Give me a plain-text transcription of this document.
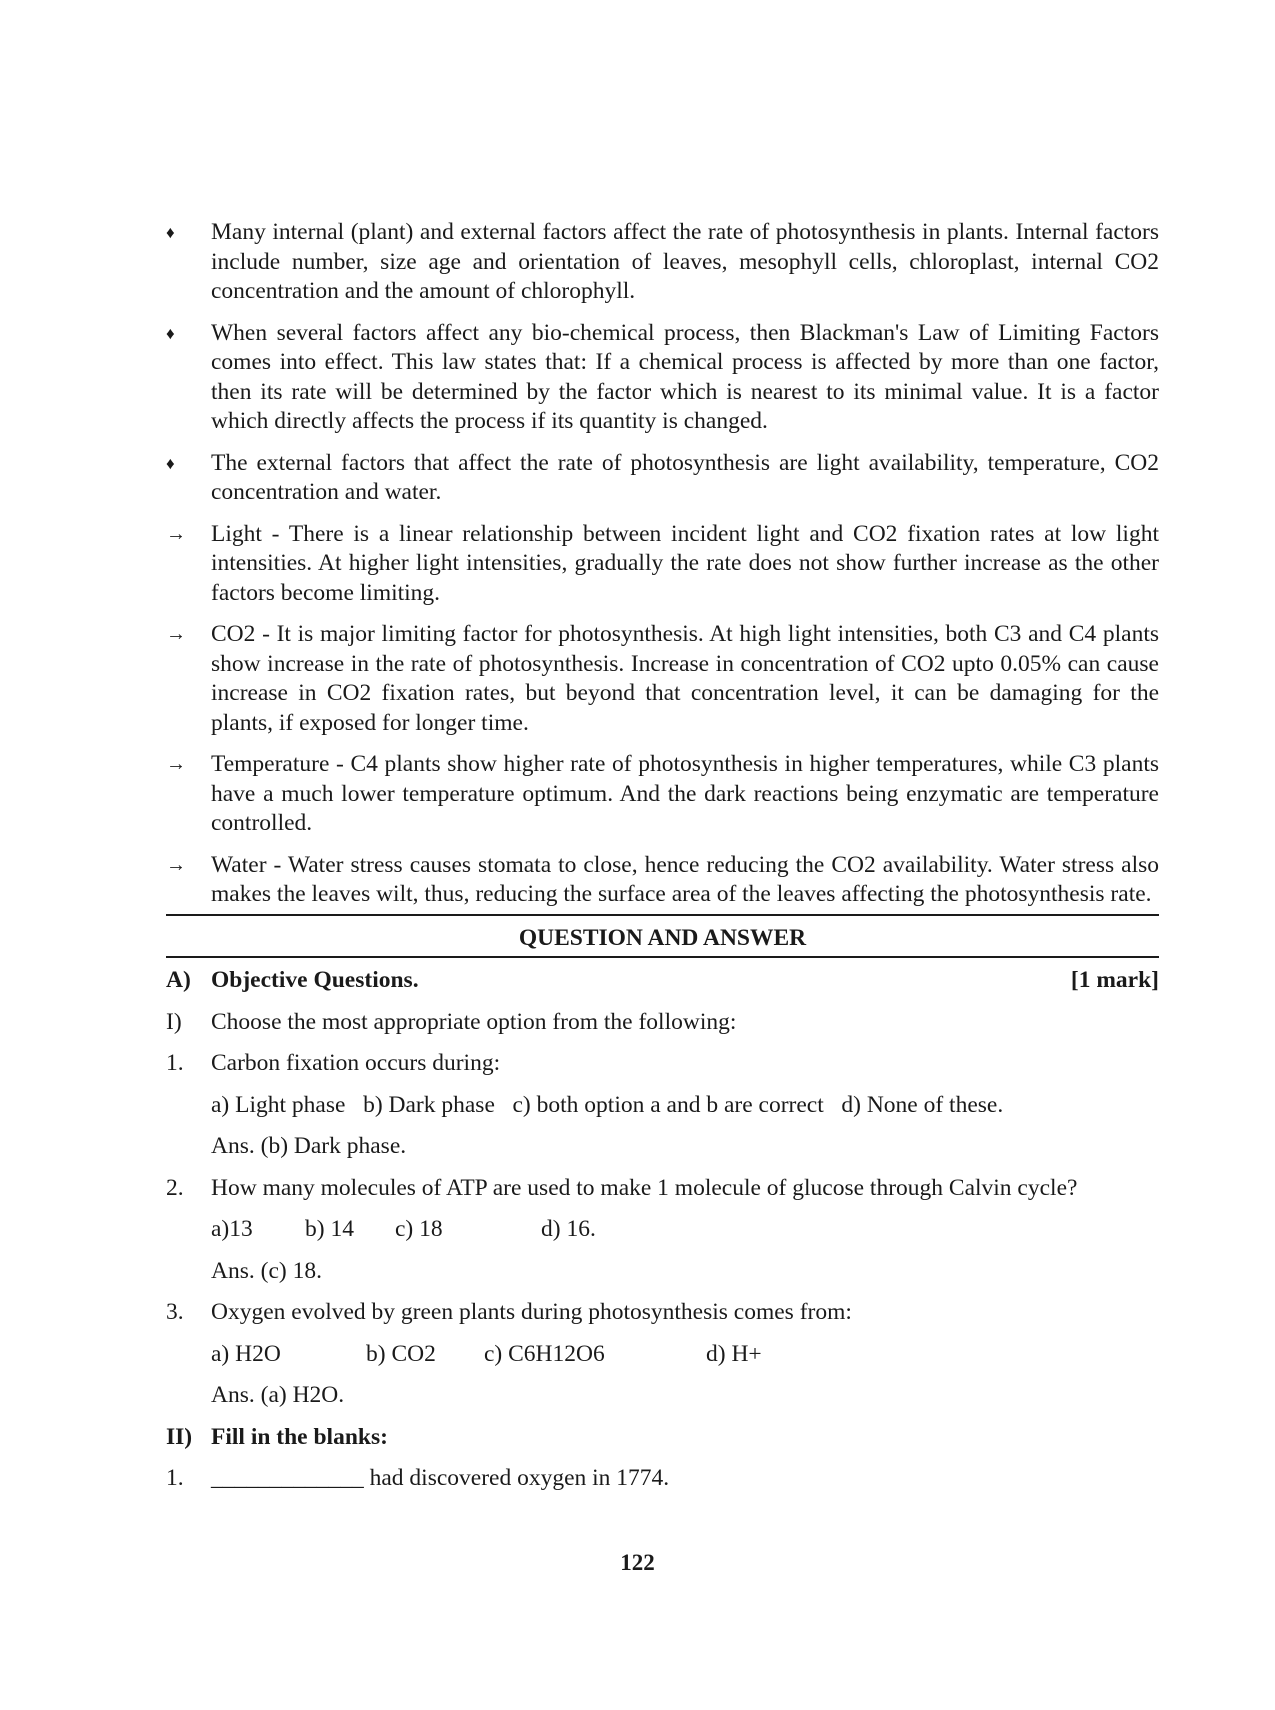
♦	Many internal (plant) and external factors affect the rate of photosynthesis in plants. Internal factors include number, size age and orientation of leaves, mesophyll cells, chloroplast, internal CO2 concentration and the amount of chlorophyll.
♦	When several factors affect any bio-chemical process, then Blackman's Law of Limiting Factors comes into effect. This law states that: If a chemical process is affected by more than one factor, then its rate will be determined by the factor which is nearest to its minimal value. It is a factor which directly affects the process if its quantity is changed.
♦	The external factors that affect the rate of photosynthesis are light availability, temperature, CO2 concentration and water.
→ Light - There is a linear relationship between incident light and CO2 fixation rates at low light intensities. At higher light intensities, gradually the rate does not show further increase as the other factors become limiting.
→ CO2 - It is major limiting factor for photosynthesis. At high light intensities, both C3 and C4 plants show increase in the rate of photosynthesis. Increase in concentration of CO2 upto 0.05% can cause increase in CO2 fixation rates, but beyond that concentration level, it can be damaging for the plants, if exposed for longer time.
→ Temperature - C4 plants show higher rate of photosynthesis in higher temperatures, while C3 plants have a much lower temperature optimum. And the dark reactions being enzymatic are temperature controlled.
→ Water - Water stress causes stomata to close, hence reducing the CO2 availability. Water stress also makes the leaves wilt, thus, reducing the surface area of the leaves affecting the photosynthesis rate.
QUESTION AND ANSWER
A) Objective Questions.	[1 mark]
I) Choose the most appropriate option from the following:
1. Carbon fixation occurs during:
a) Light phase b) Dark phase c) both option a and b are correct d) None of these.
Ans. (b) Dark phase.
2. How many molecules of ATP are used to make 1 molecule of glucose through Calvin cycle?
a)13 b) 14 c) 18	d) 16.
Ans. (c) 18.
3. Oxygen evolved by green plants during photosynthesis comes from:
a) H2O	b) CO2 c) C6H12O6	d) H+
Ans. (a) H2O.
II) Fill in the blanks:
1. _____________ had discovered oxygen in 1774.
122
